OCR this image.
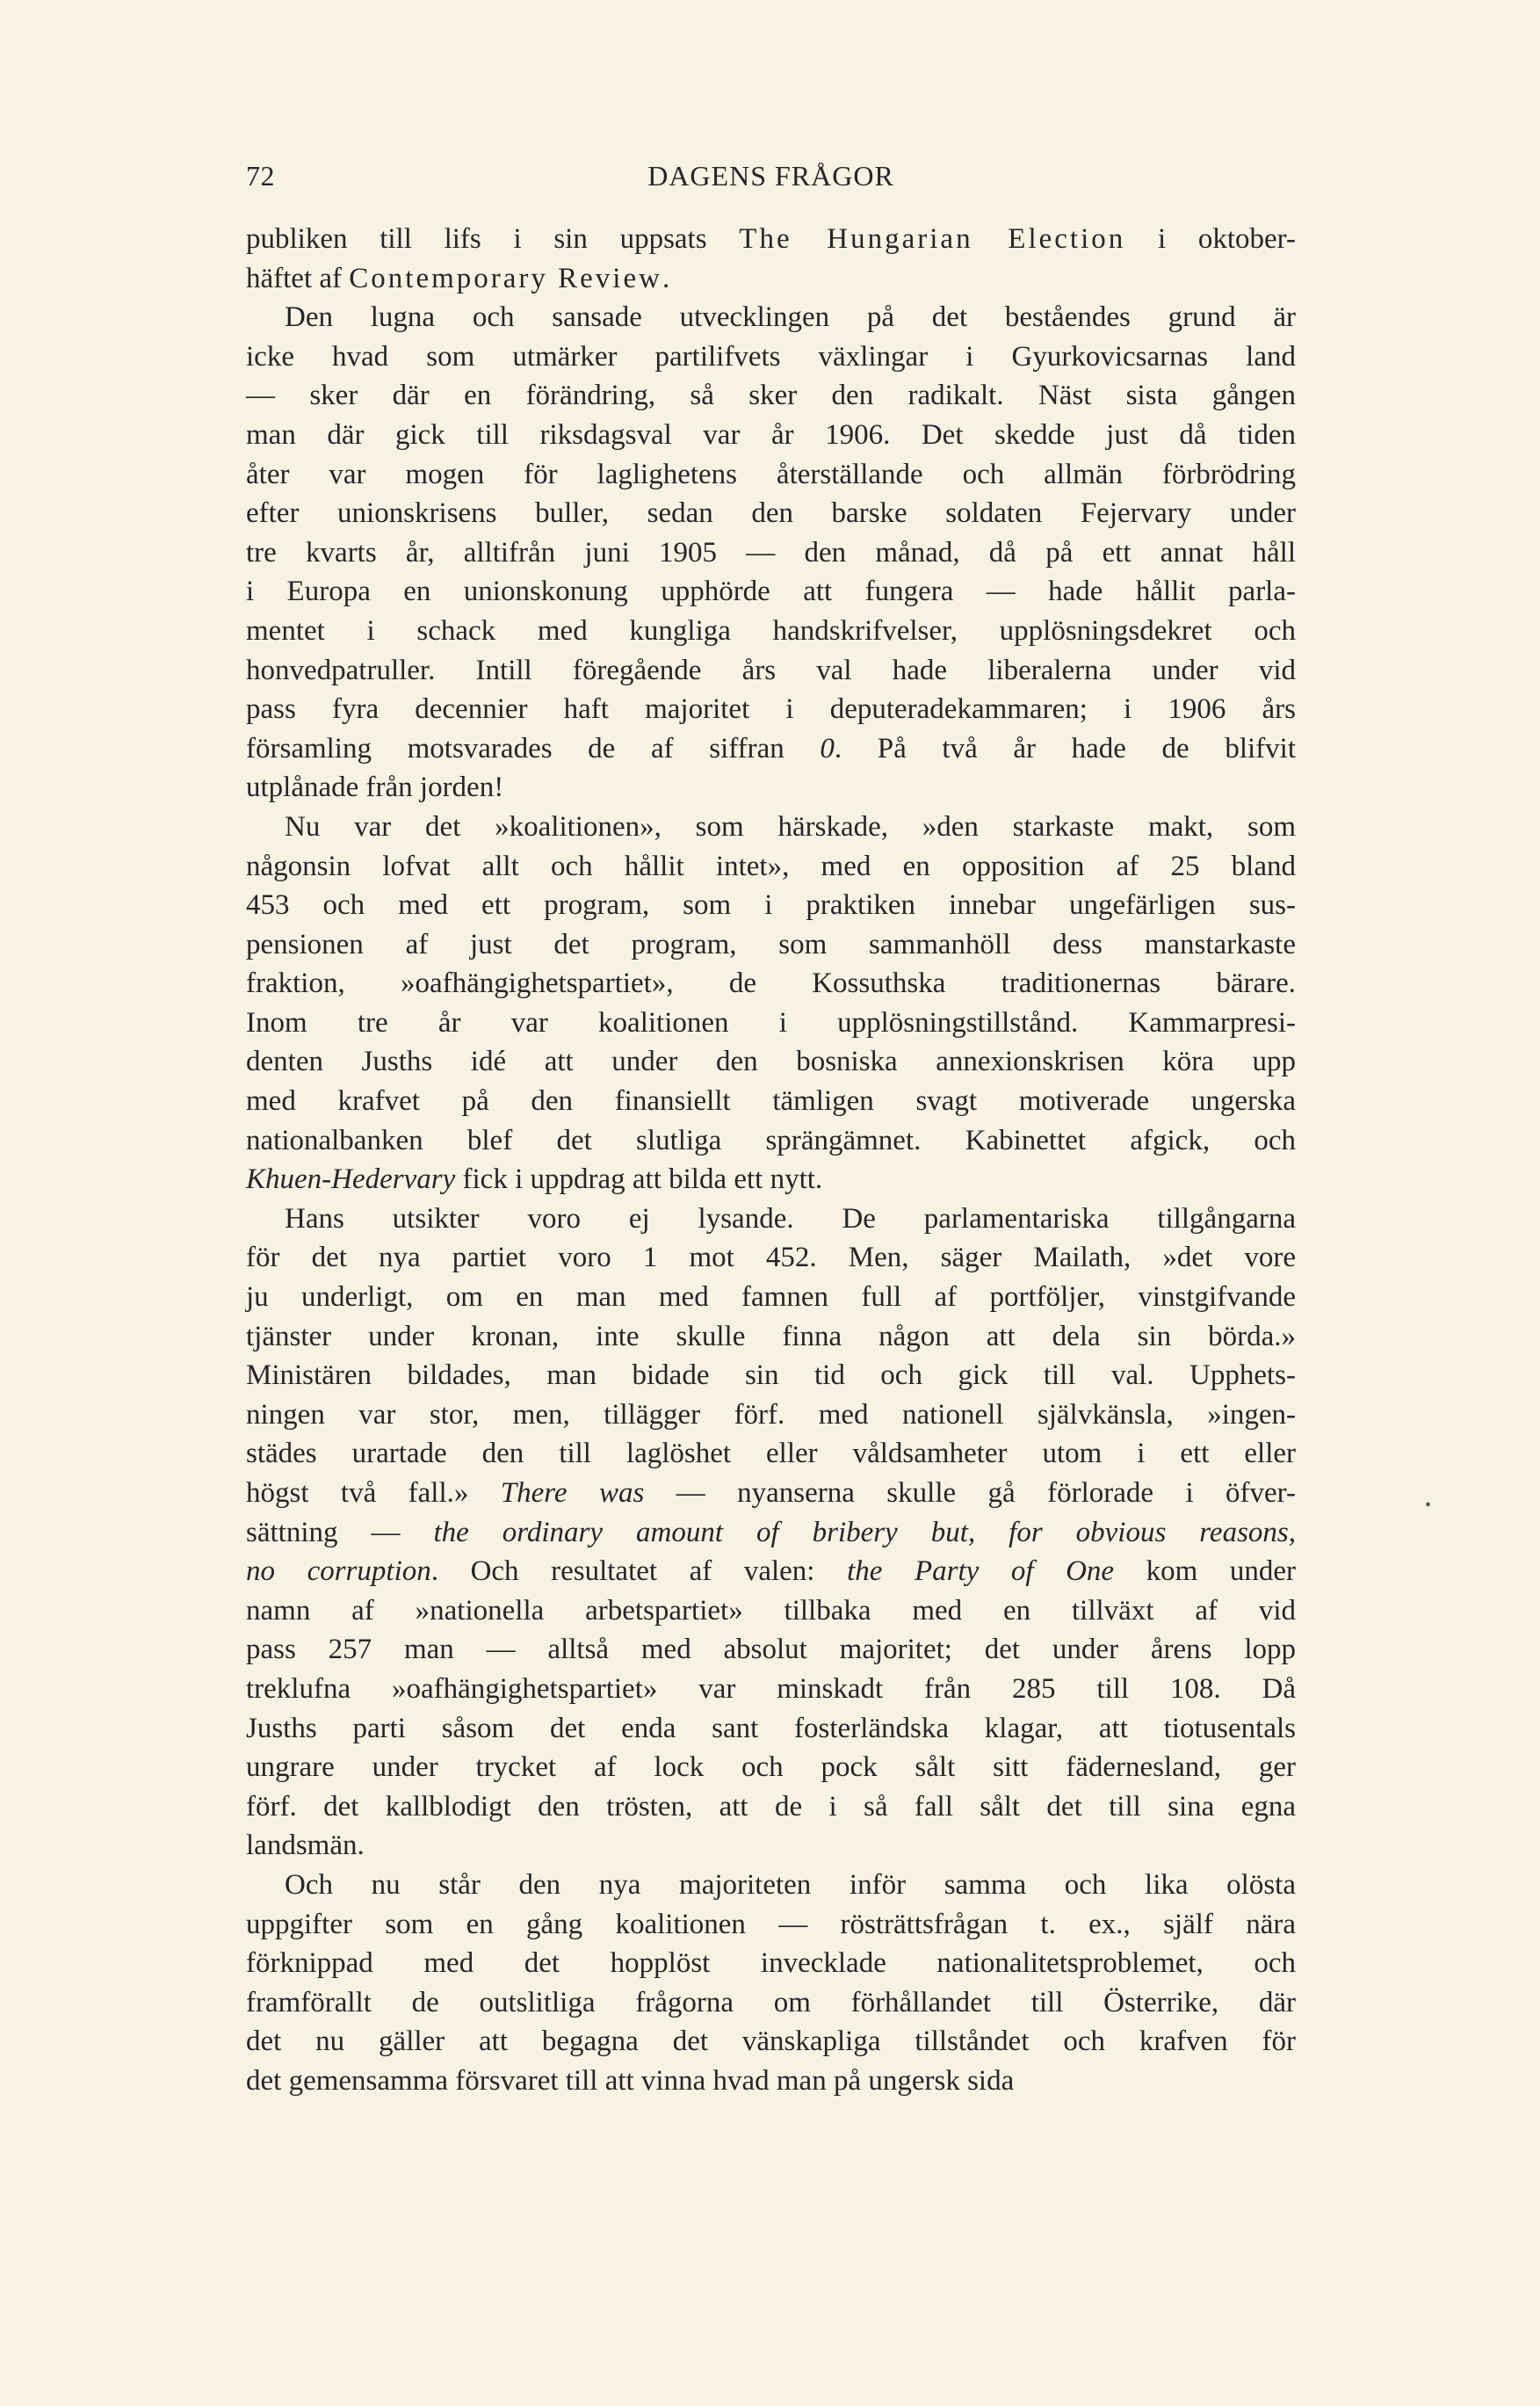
72	DAGENS FRÅGOR
publiken till lifs i sin uppsats The Hungarian Election i oktober-
häftet af Contemporary Review.
Den lugna och sansade utvecklingen på det beståendes grund är
icke hvad som utmärker partilifvets växlingar i Gyurkovicsarnas land
— sker där en förändring, så sker den radikalt. Näst sista gången
man där gick till riksdagsval var år 1906. Det skedde just då tiden
åter var mogen för laglighetens återställande och allmän förbrödring
efter unionskrisens buller, sedan den barske soldaten Fejervary under
tre kvarts år, alltifrån juni 1905 — den månad, då på ett annat håll
i Europa en unionskonung upphörde att fungera — hade hållit parla-
mentet i schack med kungliga handskrifvelser, upplösningsdekret och
honvedpatruller. Intill föregående års val hade liberalerna under vid
pass fyra decennier haft majoritet i deputeradekammaren; i 1906 års
församling motsvarades de af siffran 0. På två år hade de blifvit
utplånade från jorden!
Nu var det »koalitionen», som härskade, »den starkaste makt, som
någonsin lofvat allt och hållit intet», med en opposition af 25 bland
453 och med ett program, som i praktiken innebar ungefärligen sus-
pensionen af just det program, som sammanhöll dess manstarkaste
fraktion, »oafhängighetspartiet», de Kossuthska traditionernas bärare.
Inom tre år var koalitionen i upplösningstillstånd. Kammarpresi-
denten Jusths idé att under den bosniska annexionskrisen köra upp
med krafvet på den finansiellt tämligen svagt motiverade ungerska
nationalbanken blef det slutliga sprängämnet. Kabinettet afgick, och
Khuen-Hedervary fick i uppdrag att bilda ett nytt.
Hans utsikter voro ej lysande. De parlamentariska tillgångarna
för det nya partiet voro 1 mot 452. Men, säger Mailath, »det vore
ju underligt, om en man med famnen full af portföljer, vinstgifvande
tjänster under kronan, inte skulle finna någon att dela sin börda.»
Ministären bildades, man bidade sin tid och gick till val. Upphets-
ningen var stor, men, tillägger förf. med nationell självkänsla, »ingen-
städes urartade den till laglöshet eller våldsamheter utom i ett eller
högst två fall.» There was — nyanserna skulle gå förlorade i öfver-
sättning — the ordinary amount of bribery but, for obvious reasons,
no corruption. Och resultatet af valen: the Party of One kom under
namn af »nationella arbetspartiet» tillbaka med en tillväxt af vid
pass 257 man — alltså med absolut majoritet; det under årens lopp
treklufna »oafhängighetspartiet» var minskadt från 285 till 108. Då
Jusths parti såsom det enda sant fosterländska klagar, att tiotusentals
ungrare under trycket af lock och pock sålt sitt fädernesland, ger
förf. det kallblodigt den trösten, att de i så fall sålt det till sina egna
landsmän.
Och nu står den nya majoriteten inför samma och lika olösta
uppgifter som en gång koalitionen — rösträttsfrågan t. ex., själf nära
förknippad med det hopplöst invecklade nationalitetsproblemet, och
framförallt de outslitliga frågorna om förhållandet till Österrike, där
det nu gäller att begagna det vänskapliga tillståndet och krafven för
det gemensamma försvaret till att vinna hvad man på ungersk sida
•
